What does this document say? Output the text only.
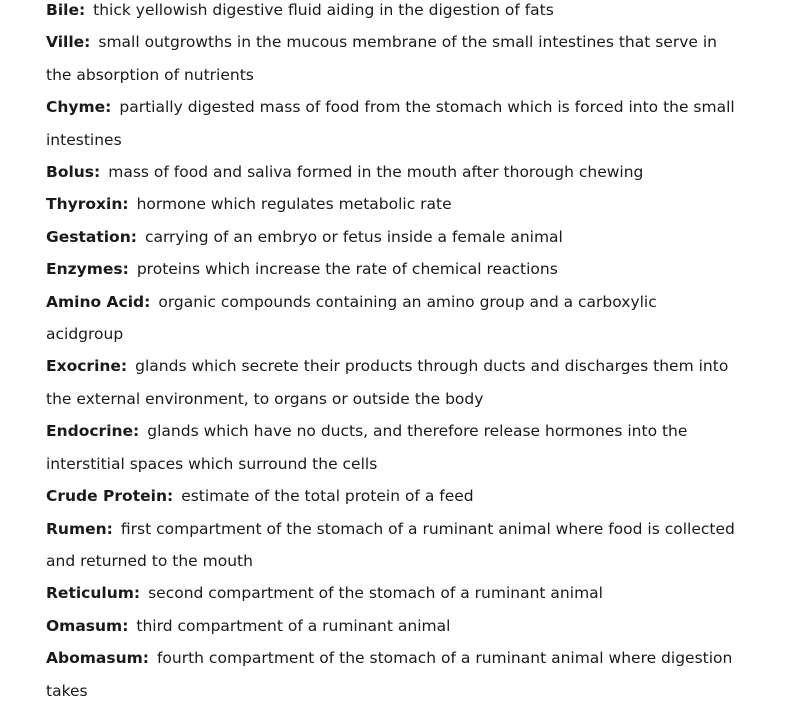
Bile: thick yellowish digestive fluid aiding in the digestion of fats

Ville: small outgrowths in the mucous membrane of the small intestines that serve in the absorption of nutrients

Chyme: partially digested mass of food from the stomach which is forced into the small intestines

Bolus: mass of food and saliva formed in the mouth after thorough chewing

Thyroxin: hormone which regulates metabolic rate

Gestation: carrying of an embryo or fetus inside a female animal

Enzymes: proteins which increase the rate of chemical reactions

Amino Acid: organic compounds containing an amino group and a carboxylic acidgroup

Exocrine: glands which secrete their products through ducts and discharges them into the external environment, to organs or outside the body

Endocrine: glands which have no ducts, and therefore release hormones into the interstitial spaces which surround the cells

Crude Protein: estimate of the total protein of a feed

Rumen: first compartment of the stomach of a ruminant animal where food is collected and returned to the mouth

Reticulum: second compartment of the stomach of a ruminant animal

Omasum: third compartment of a ruminant animal

Abomasum: fourth compartment of the stomach of a ruminant animal where digestion takes
